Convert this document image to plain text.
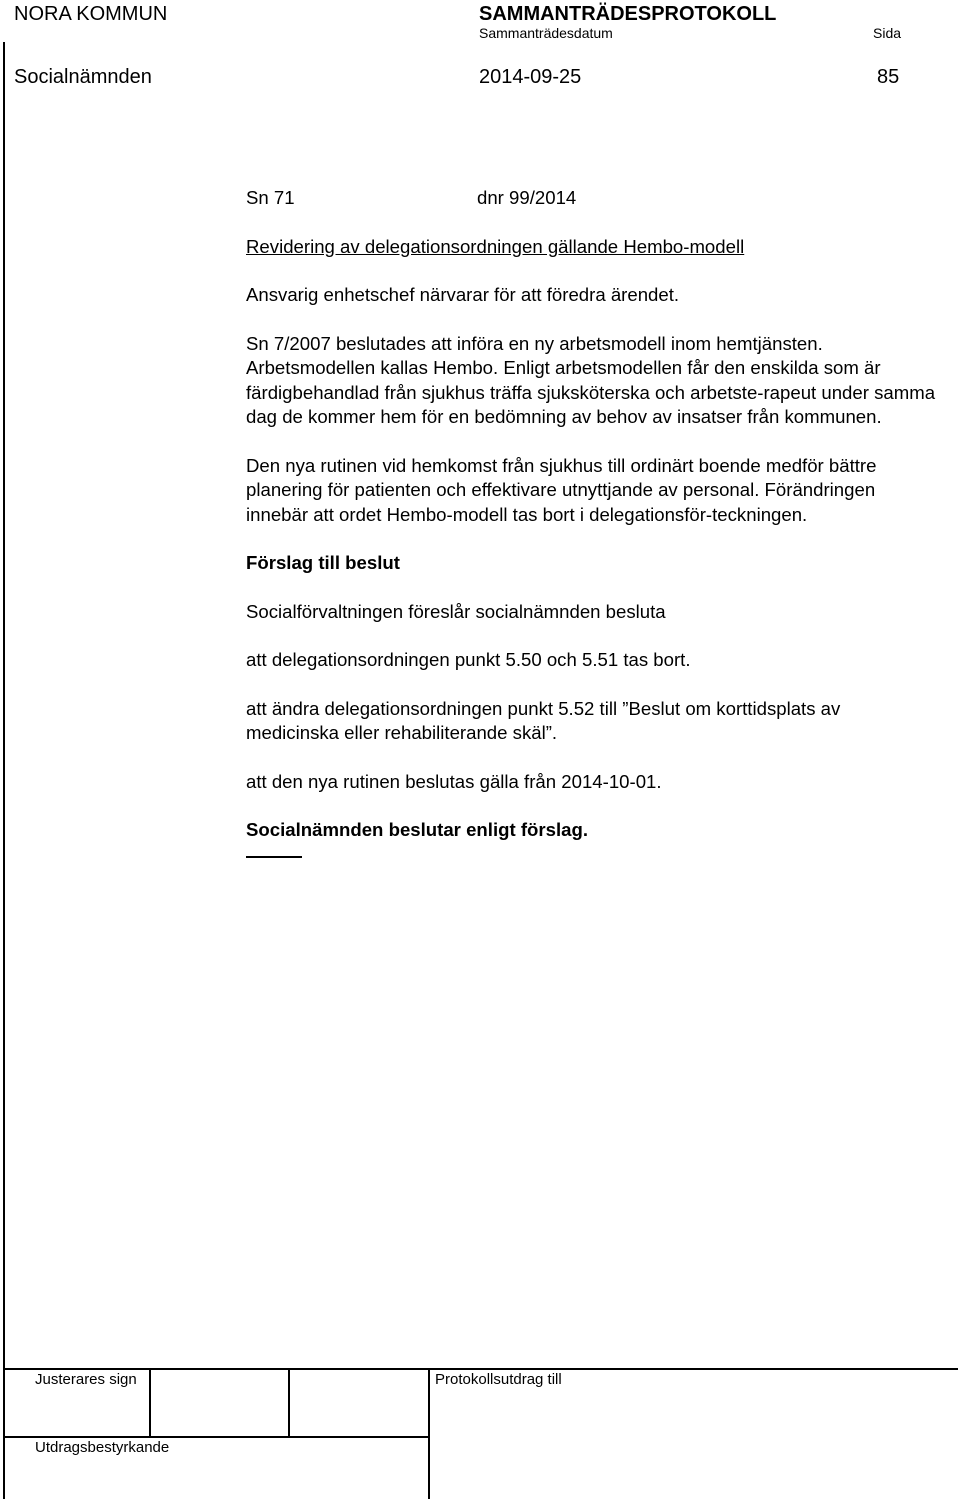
NORA KOMMUN	SAMMANTRÄDESPROTOKOLL
Sammanträdesdatum	Sida
Socialnämnden	2014-09-25	85
Sn 71	dnr 99/2014

Revidering av delegationsordningen gällande Hembo-modell

Ansvarig enhetschef närvarar för att föredra ärendet.

Sn 7/2007 beslutades att införa en ny arbetsmodell inom hemtjänsten. Arbetsmodellen kallas Hembo. Enligt arbetsmodellen får den enskilda som är färdigbehandlad från sjukhus träffa sjuksköterska och arbetste-rapeut under samma dag de kommer hem för en bedömning av behov av insatser från kommunen.

Den nya rutinen vid hemkomst från sjukhus till ordinärt boende medför bättre planering för patienten och effektivare utnyttjande av personal. Förändringen innebär att ordet Hembo-modell tas bort i delegationsför-teckningen.

Förslag till beslut

Socialförvaltningen föreslår socialnämnden besluta

att delegationsordningen punkt 5.50 och 5.51 tas bort.

att ändra delegationsordningen punkt 5.52 till ”Beslut om korttidsplats av medicinska eller rehabiliterande skäl”.

att den nya rutinen beslutas gälla från 2014-10-01.

Socialnämnden beslutar enligt förslag.

Justerares sign	Protokollsutdrag till
Utdragsbestyrkande
